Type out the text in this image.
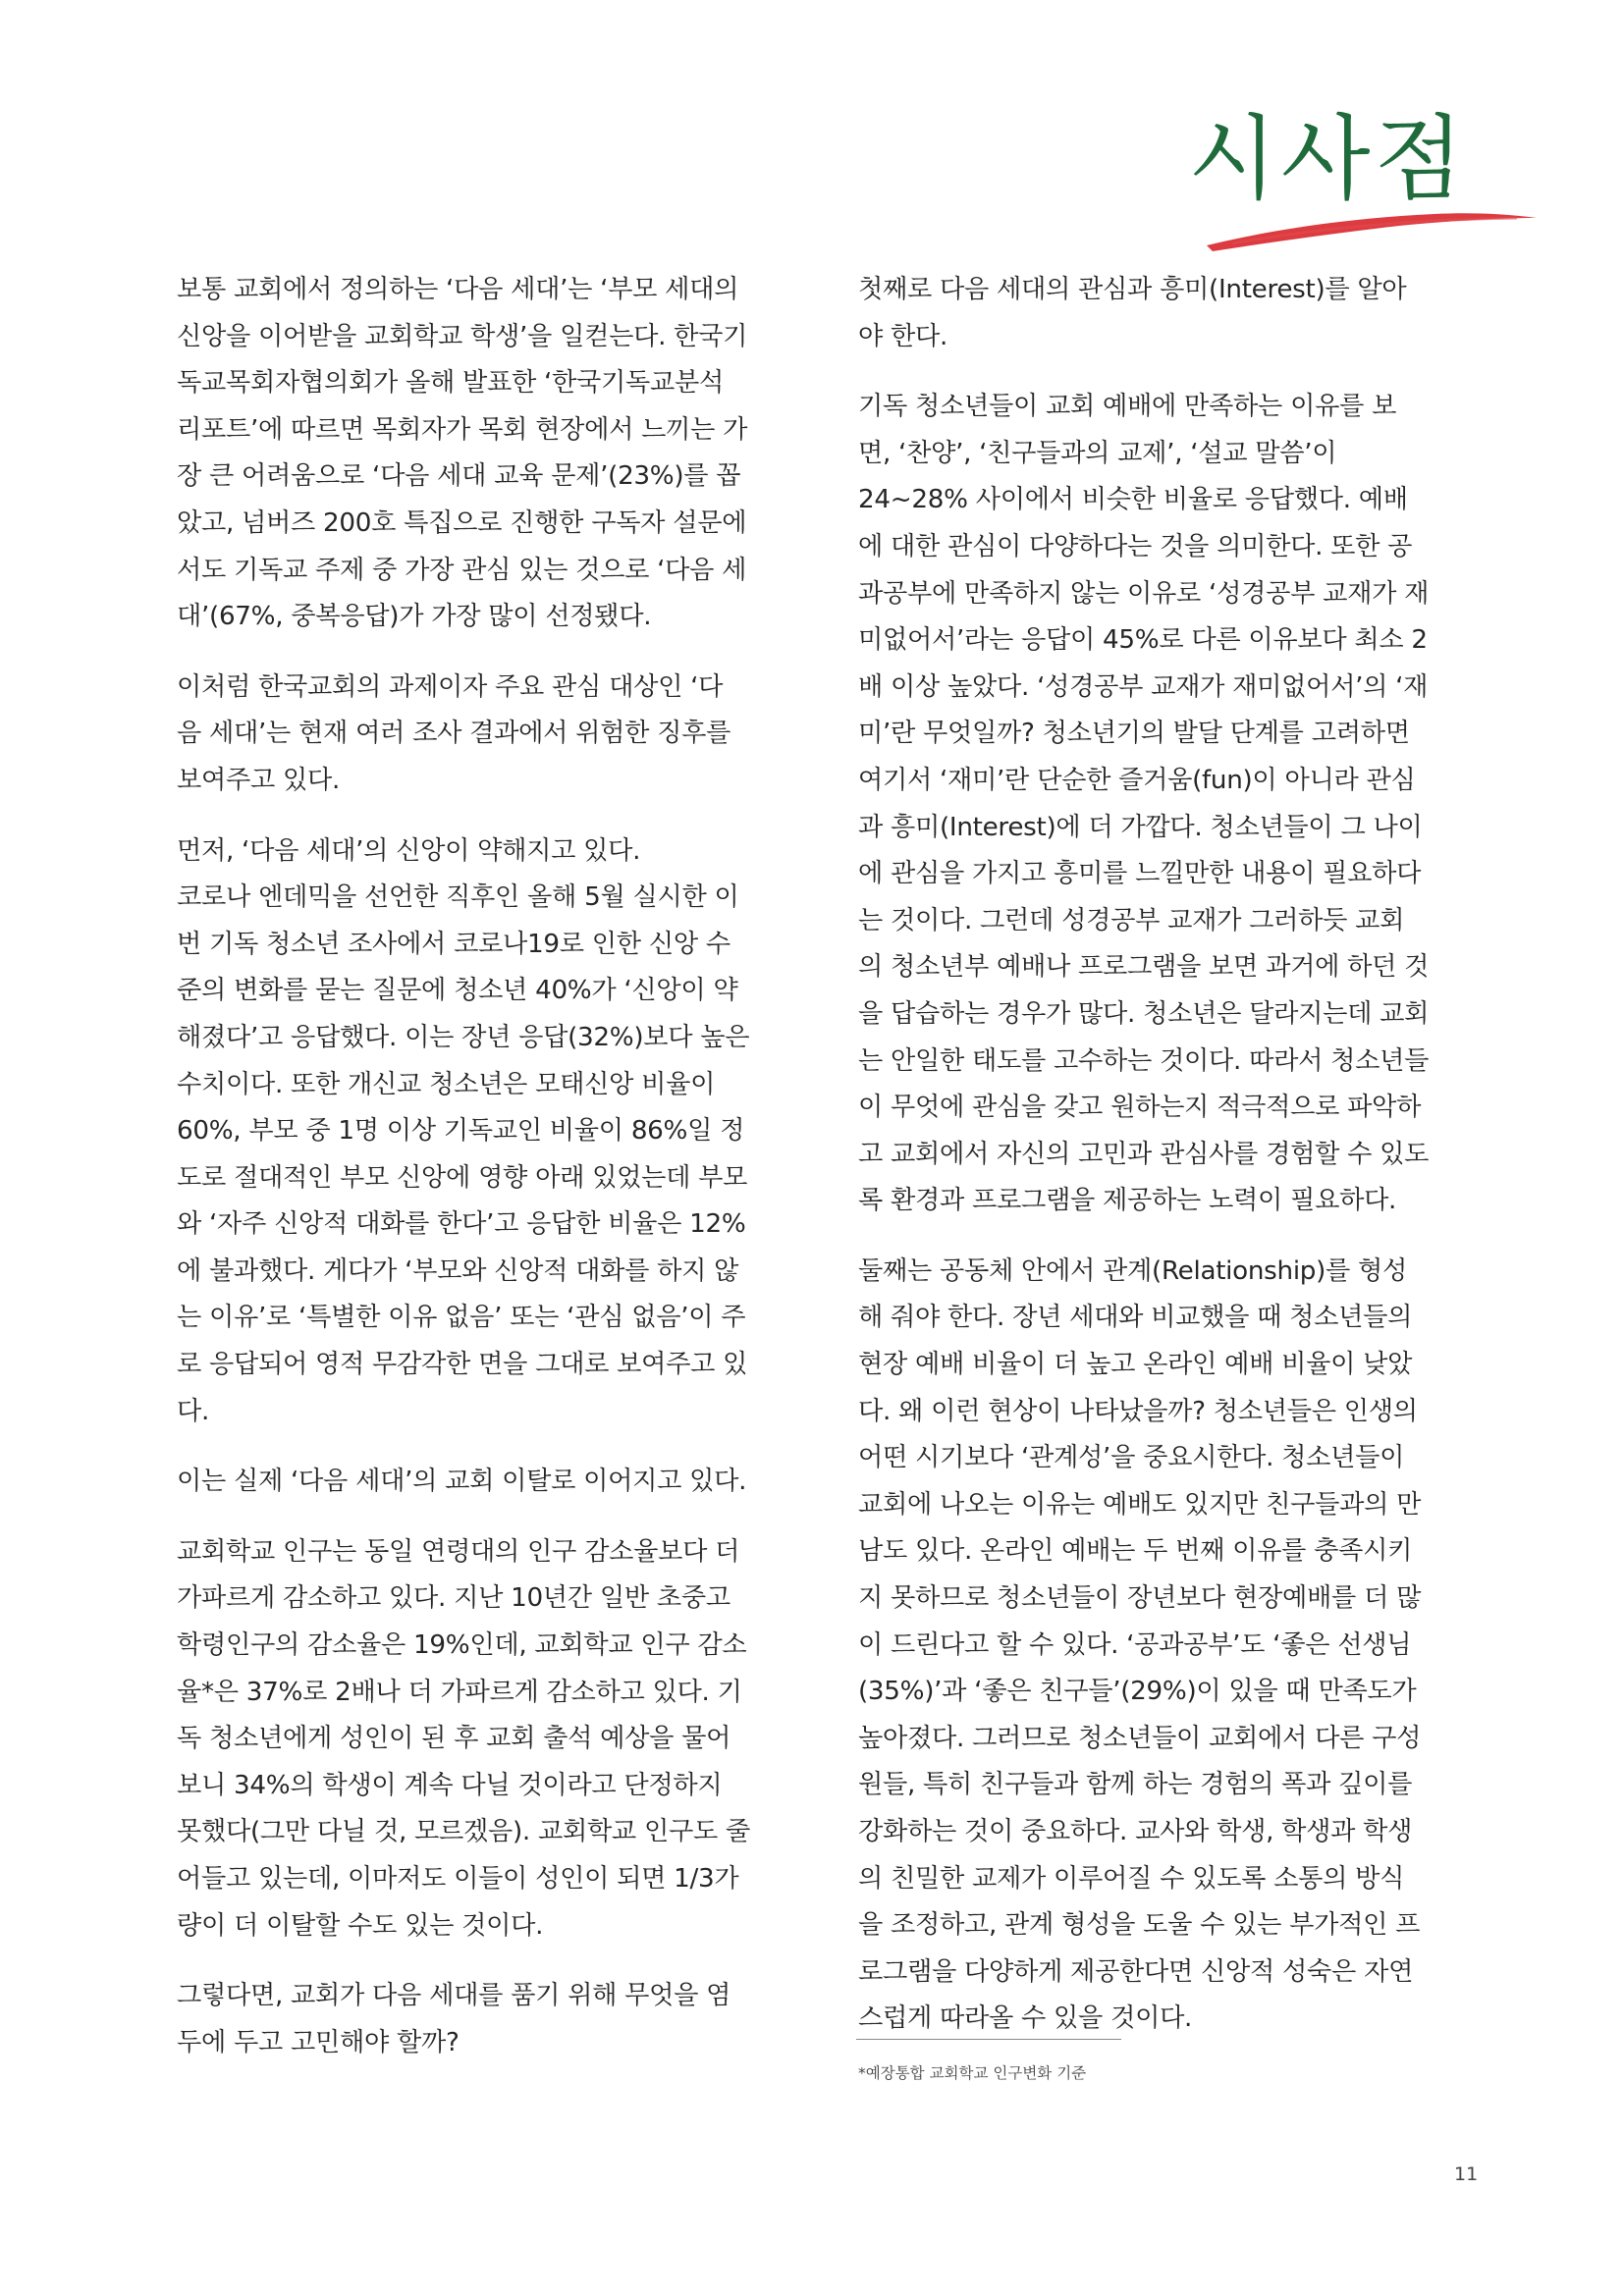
시사점

보통 교회에서 정의하는 ‘다음 세대’는 ‘부모 세대의
신앙을 이어받을 교회학교 학생’을 일컫는다. 한국기
독교목회자협의회가 올해 발표한 ‘한국기독교분석
리포트’에 따르면 목회자가 목회 현장에서 느끼는 가
장 큰 어려움으로 ‘다음 세대 교육 문제’(23%)를 꼽
았고, 넘버즈 200호 특집으로 진행한 구독자 설문에
서도 기독교 주제 중 가장 관심 있는 것으로 ‘다음 세
대’(67%, 중복응답)가 가장 많이 선정됐다.

이처럼 한국교회의 과제이자 주요 관심 대상인 ‘다
음 세대’는 현재 여러 조사 결과에서 위험한 징후를
보여주고 있다.

먼저, ‘다음 세대’의 신앙이 약해지고 있다.

코로나 엔데믹을 선언한 직후인 올해 5월 실시한 이
번 기독 청소년 조사에서 코로나19로 인한 신앙 수
준의 변화를 묻는 질문에 청소년 40%가 ‘신앙이 약
해졌다’고 응답했다. 이는 장년 응답(32%)보다 높은
수치이다. 또한 개신교 청소년은 모태신앙 비율이
60%, 부모 중 1명 이상 기독교인 비율이 86%일 정
도로 절대적인 부모 신앙에 영향 아래 있었는데 부모
와 ‘자주 신앙적 대화를 한다’고 응답한 비율은 12%
에 불과했다. 게다가 ‘부모와 신앙적 대화를 하지 않
는 이유’로 ‘특별한 이유 없음’ 또는 ‘관심 없음’이 주
로 응답되어 영적 무감각한 면을 그대로 보여주고 있
다.

이는 실제 ‘다음 세대’의 교회 이탈로 이어지고 있다.

교회학교 인구는 동일 연령대의 인구 감소율보다 더
가파르게 감소하고 있다. 지난 10년간 일반 초중고
학령인구의 감소율은 19%인데, 교회학교 인구 감소
율*은 37%로 2배나 더 가파르게 감소하고 있다. 기
독 청소년에게 성인이 된 후 교회 출석 예상을 물어
보니 34%의 학생이 계속 다닐 것이라고 단정하지
못했다(그만 다닐 것, 모르겠음). 교회학교 인구도 줄
어들고 있는데, 이마저도 이들이 성인이 되면 1/3가
량이 더 이탈할 수도 있는 것이다.

그렇다면, 교회가 다음 세대를 품기 위해 무엇을 염
두에 두고 고민해야 할까?

첫째로 다음 세대의 관심과 흥미(Interest)를 알아
야 한다.

기독 청소년들이 교회 예배에 만족하는 이유를 보
면, ‘찬양’, ‘친구들과의 교제’, ‘설교 말씀’이
24~28% 사이에서 비슷한 비율로 응답했다. 예배
에 대한 관심이 다양하다는 것을 의미한다. 또한 공
과공부에 만족하지 않는 이유로 ‘성경공부 교재가 재
미없어서’라는 응답이 45%로 다른 이유보다 최소 2
배 이상 높았다. ‘성경공부 교재가 재미없어서’의 ‘재
미’란 무엇일까? 청소년기의 발달 단계를 고려하면
여기서 ‘재미’란 단순한 즐거움(fun)이 아니라 관심
과 흥미(Interest)에 더 가깝다. 청소년들이 그 나이
에 관심을 가지고 흥미를 느낄만한 내용이 필요하다
는 것이다. 그런데 성경공부 교재가 그러하듯 교회
의 청소년부 예배나 프로그램을 보면 과거에 하던 것
을 답습하는 경우가 많다. 청소년은 달라지는데 교회
는 안일한 태도를 고수하는 것이다. 따라서 청소년들
이 무엇에 관심을 갖고 원하는지 적극적으로 파악하
고 교회에서 자신의 고민과 관심사를 경험할 수 있도
록 환경과 프로그램을 제공하는 노력이 필요하다.

둘째는 공동체 안에서 관계(Relationship)를 형성
해 줘야 한다. 장년 세대와 비교했을 때 청소년들의
현장 예배 비율이 더 높고 온라인 예배 비율이 낮았
다. 왜 이런 현상이 나타났을까? 청소년들은 인생의
어떤 시기보다 ‘관계성’을 중요시한다. 청소년들이
교회에 나오는 이유는 예배도 있지만 친구들과의 만
남도 있다. 온라인 예배는 두 번째 이유를 충족시키
지 못하므로 청소년들이 장년보다 현장예배를 더 많
이 드린다고 할 수 있다. ‘공과공부’도 ‘좋은 선생님
(35%)’과 ‘좋은 친구들’(29%)이 있을 때 만족도가
높아졌다. 그러므로 청소년들이 교회에서 다른 구성
원들, 특히 친구들과 함께 하는 경험의 폭과 깊이를
강화하는 것이 중요하다. 교사와 학생, 학생과 학생
의 친밀한 교제가 이루어질 수 있도록 소통의 방식
을 조정하고, 관계 형성을 도울 수 있는 부가적인 프
로그램을 다양하게 제공한다면 신앙적 성숙은 자연
스럽게 따라올 수 있을 것이다.

*예장통합 교회학교 인구변화 기준

11
